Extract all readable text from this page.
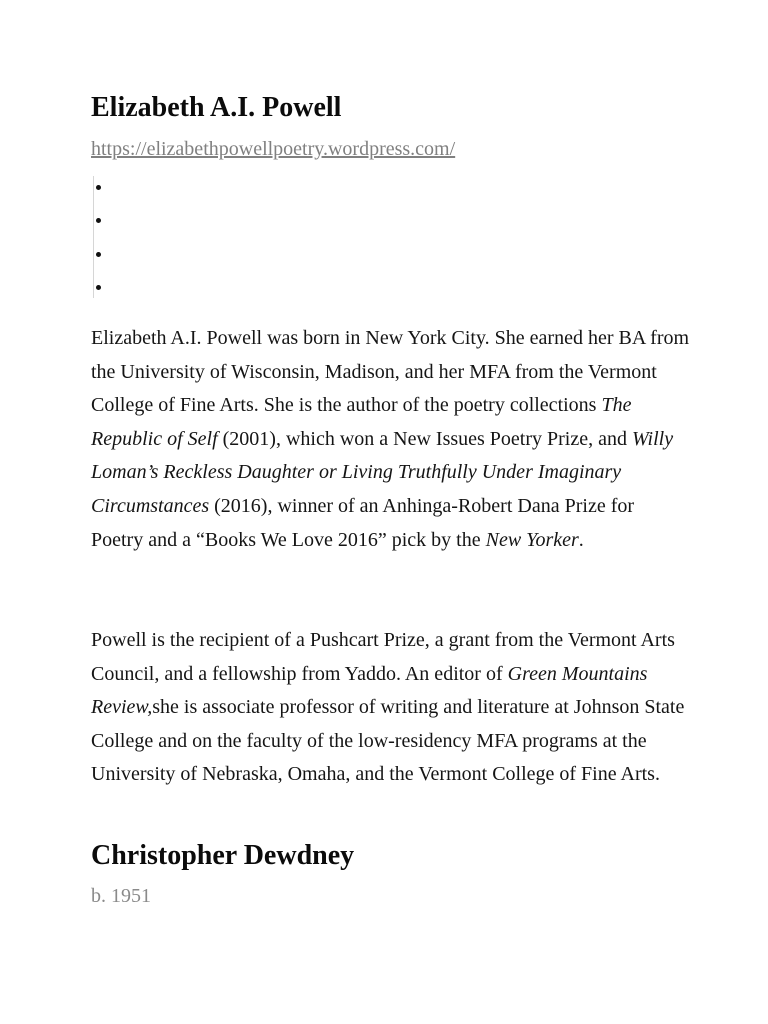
Elizabeth A.I. Powell
https://elizabethpowellpoetry.wordpress.com/

Elizabeth A.I. Powell was born in New York City. She earned her BA from the University of Wisconsin, Madison, and her MFA from the Vermont College of Fine Arts. She is the author of the poetry collections The Republic of Self (2001), which won a New Issues Poetry Prize, and Willy Loman’s Reckless Daughter or Living Truthfully Under Imaginary Circumstances (2016), winner of an Anhinga-Robert Dana Prize for Poetry and a “Books We Love 2016” pick by the New Yorker.

Powell is the recipient of a Pushcart Prize, a grant from the Vermont Arts Council, and a fellowship from Yaddo. An editor of Green Mountains Review,she is associate professor of writing and literature at Johnson State College and on the faculty of the low-residency MFA programs at the University of Nebraska, Omaha, and the Vermont College of Fine Arts.

Christopher Dewdney
b. 1951
